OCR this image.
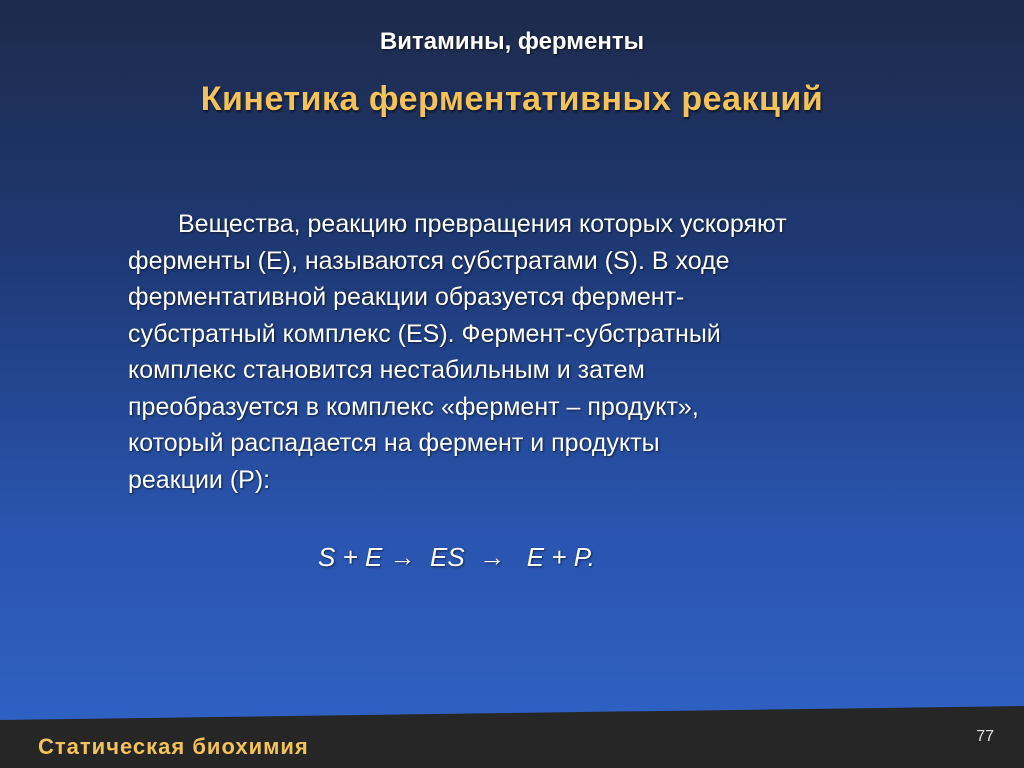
Витамины, ферменты
Кинетика ферментативных реакций
Вещества, реакцию превращения которых ускоряют
ферменты (E), называются субстратами (S). В ходе
ферментативной реакции образуется фермент-
субстратный комплекс (ES). Фермент-субстратный
комплекс становится нестабильным и затем
преобразуется в комплекс «фермент – продукт»,
который распадается на фермент и продукты
реакции (P):
S + E →  ES  →   E + P.
Статическая биохимия	77
